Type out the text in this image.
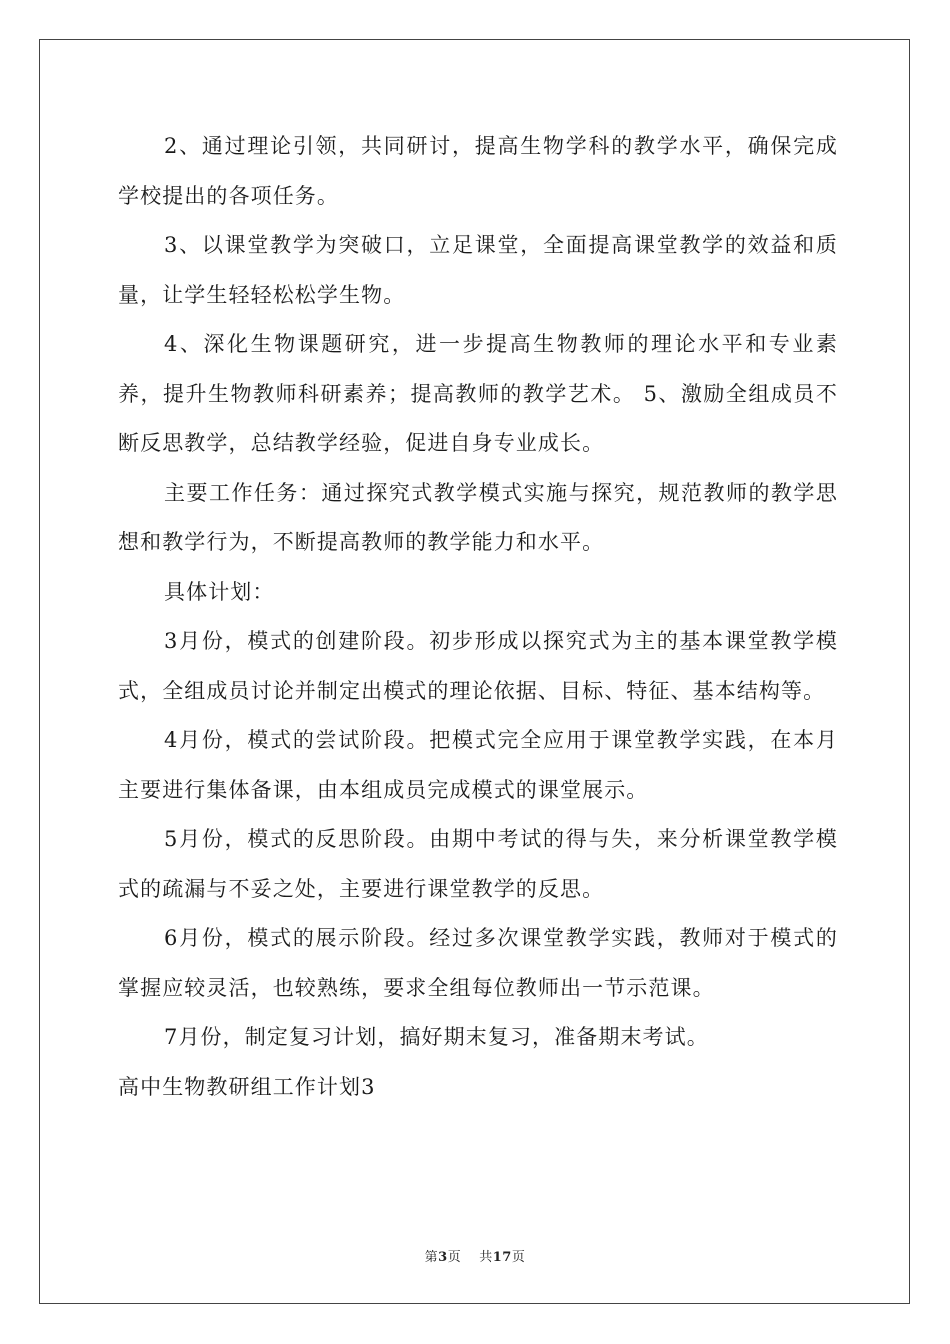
2、通过理论引领，共同研讨，提高生物学科的教学水平，确保完成学校提出的各项任务。

3、以课堂教学为突破口，立足课堂，全面提高课堂教学的效益和质量，让学生轻轻松松学生物。

4、深化生物课题研究，进一步提高生物教师的理论水平和专业素养，提升生物教师科研素养；提高教师的教学艺术。 5、激励全组成员不断反思教学，总结教学经验，促进自身专业成长。

主要工作任务：通过探究式教学模式实施与探究，规范教师的教学思想和教学行为，不断提高教师的教学能力和水平。

具体计划：

3月份，模式的创建阶段。初步形成以探究式为主的基本课堂教学模式，全组成员讨论并制定出模式的理论依据、目标、特征、基本结构等。

4月份，模式的尝试阶段。把模式完全应用于课堂教学实践，在本月主要进行集体备课，由本组成员完成模式的课堂展示。

5月份，模式的反思阶段。由期中考试的得与失，来分析课堂教学模式的疏漏与不妥之处，主要进行课堂教学的反思。

6月份，模式的展示阶段。经过多次课堂教学实践，教师对于模式的掌握应较灵活，也较熟练，要求全组每位教师出一节示范课。

7月份，制定复习计划，搞好期末复习，准备期末考试。

高中生物教研组工作计划3

第3页 共17页
